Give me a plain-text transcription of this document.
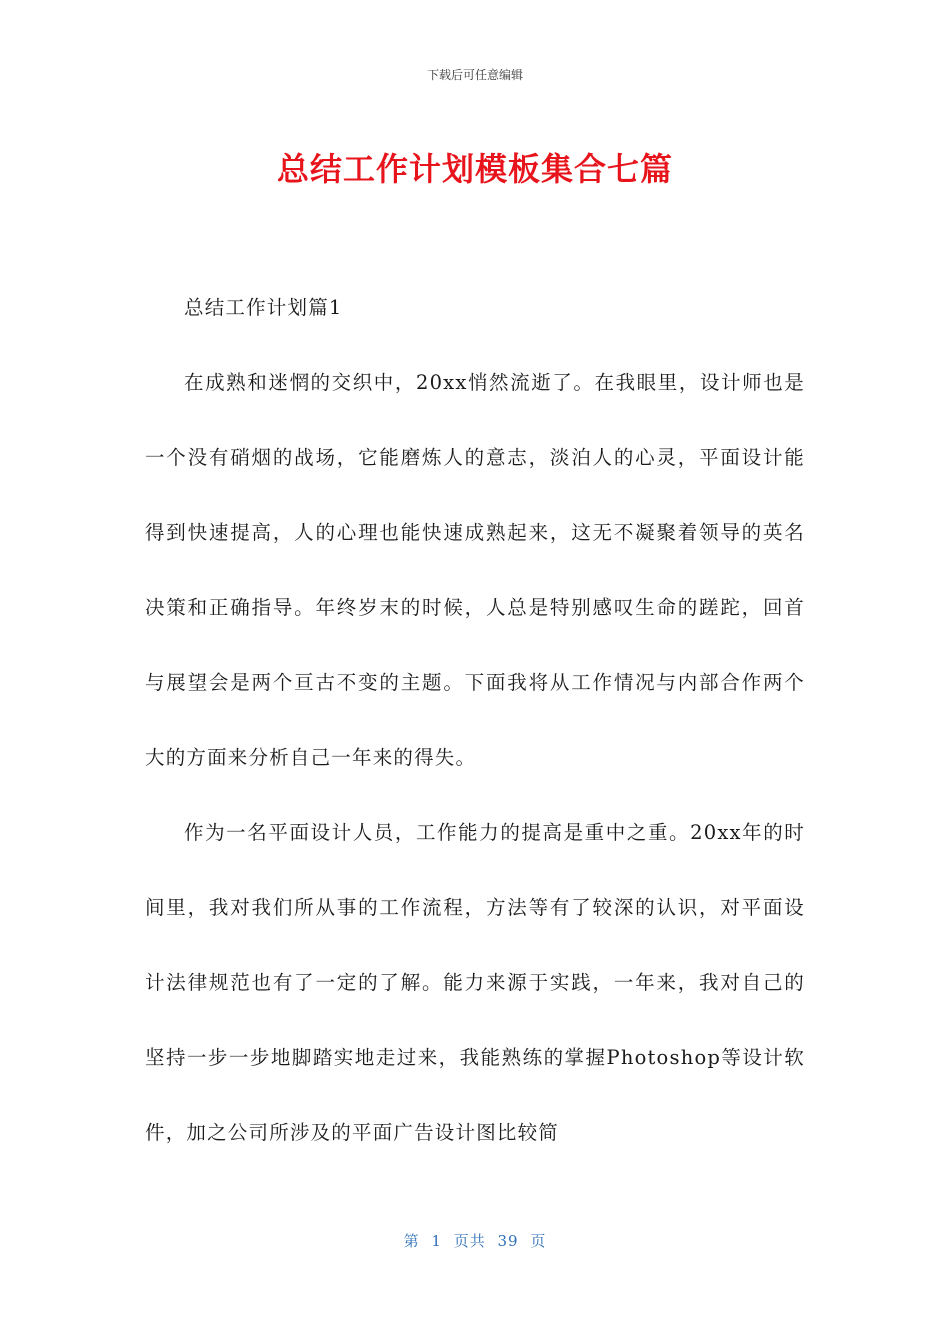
下载后可任意编辑
总结工作计划模板集合七篇

总结工作计划篇1

在成熟和迷惘的交织中，20xx悄然流逝了。在我眼里，设计师也是一个没有硝烟的战场，它能磨炼人的意志，淡泊人的心灵，平面设计能得到快速提高，人的心理也能快速成熟起来，这无不凝聚着领导的英名决策和正确指导。年终岁末的时候，人总是特别感叹生命的蹉跎，回首与展望会是两个亘古不变的主题。下面我将从工作情况与内部合作两个大的方面来分析自己一年来的得失。

作为一名平面设计人员，工作能力的提高是重中之重。20xx年的时间里，我对我们所从事的工作流程，方法等有了较深的认识，对平面设计法律规范也有了一定的了解。能力来源于实践，一年来，我对自己的坚持一步一步地脚踏实地走过来，我能熟练的掌握Photoshop等设计软件，加之公司所涉及的平面广告设计图比较简

第 1 页共 39 页
